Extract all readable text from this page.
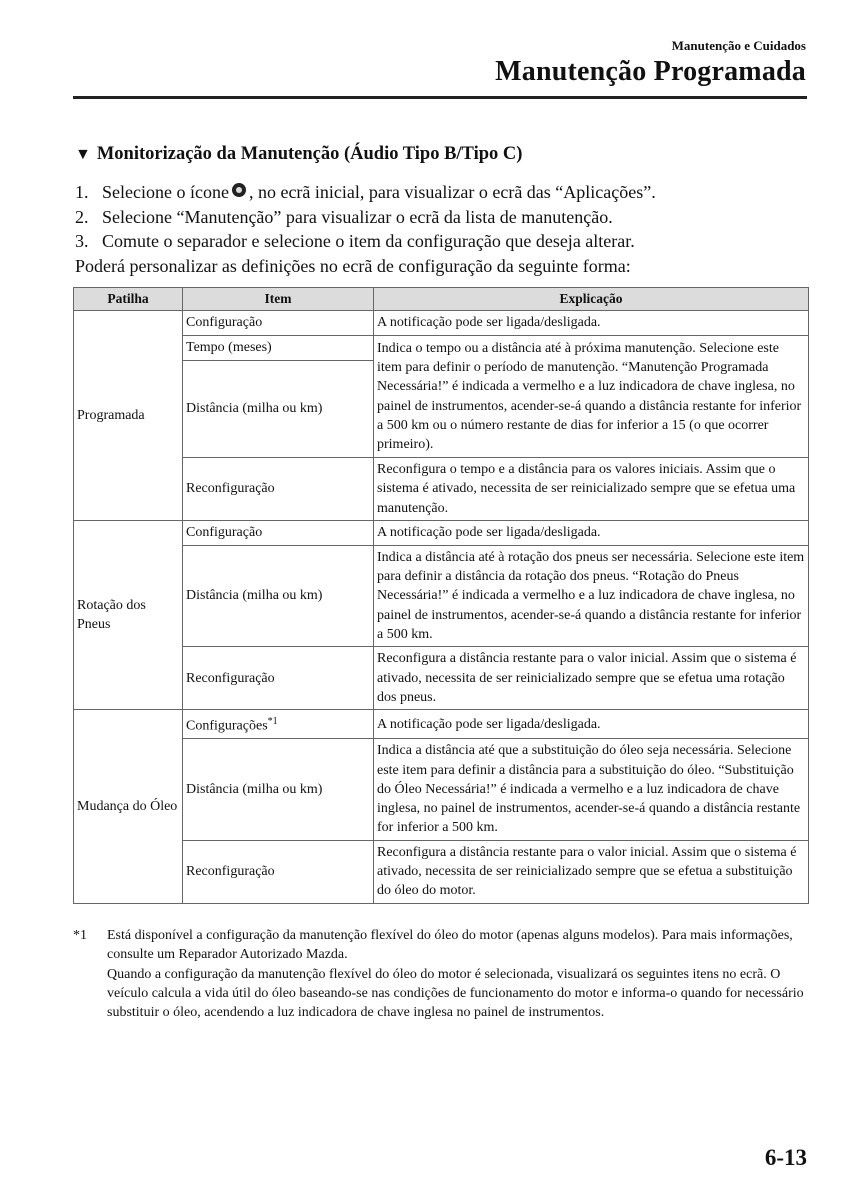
Manutenção e Cuidados
Manutenção Programada
▼ Monitorização da Manutenção (Áudio Tipo B/Tipo C)
1. Selecione o ícone , no ecrã inicial, para visualizar o ecrã das “Aplicações”.
2. Selecione “Manutenção” para visualizar o ecrã da lista de manutenção.
3. Comute o separador e selecione o item da configuração que deseja alterar.
Poderá personalizar as definições no ecrã de configuração da seguinte forma:
Patilha	Item	Explicação
Programada	Configuração	A notificação pode ser ligada/desligada.
	Tempo (meses)	Indica o tempo ou a distância até à próxima manutenção. Selecione este item para definir o período de manutenção. “Manutenção Programada Necessária!” é indicada a vermelho e a luz indicadora de chave inglesa, no painel de instrumentos, acender-se-á quando a distância restante for inferior a 500 km ou o número restante de dias for inferior a 15 (o que ocorrer primeiro).
	Distância (milha ou km)	
	Reconfiguração	Reconfigura o tempo e a distância para os valores iniciais. Assim que o sistema é ativado, necessita de ser reinicializado sempre que se efetua uma manutenção.
Rotação dos Pneus	Configuração	A notificação pode ser ligada/desligada.
	Distância (milha ou km)	Indica a distância até à rotação dos pneus ser necessária. Selecione este item para definir a distância da rotação dos pneus. “Rotação do Pneus Necessária!” é indicada a vermelho e a luz indicadora de chave inglesa, no painel de instrumentos, acender-se-á quando a distância restante for inferior a 500 km.
	Reconfiguração	Reconfigura a distância restante para o valor inicial. Assim que o sistema é ativado, necessita de ser reinicializado sempre que se efetua uma rotação dos pneus.
Mudança do Óleo	Configurações$^{*1}$	A notificação pode ser ligada/desligada.
	Distância (milha ou km)	Indica a distância até que a substituição do óleo seja necessária. Selecione este item para definir a distância para a substituição do óleo. “Substituição do Óleo Necessária!” é indicada a vermelho e a luz indicadora de chave inglesa, no painel de instrumentos, acender-se-á quando a distância restante for inferior a 500 km.
	Reconfiguração	Reconfigura a distância restante para o valor inicial. Assim que o sistema é ativado, necessita de ser reinicializado sempre que se efetua a substituição do óleo do motor.
*1 Está disponível a configuração da manutenção flexível do óleo do motor (apenas alguns modelos). Para mais informações, consulte um Reparador Autorizado Mazda.
Quando a configuração da manutenção flexível do óleo do motor é selecionada, visualizará os seguintes itens no ecrã. O veículo calcula a vida útil do óleo baseando-se nas condições de funcionamento do motor e informa-o quando for necessário substituir o óleo, acendendo a luz indicadora de chave inglesa no painel de instrumentos.
6-13
